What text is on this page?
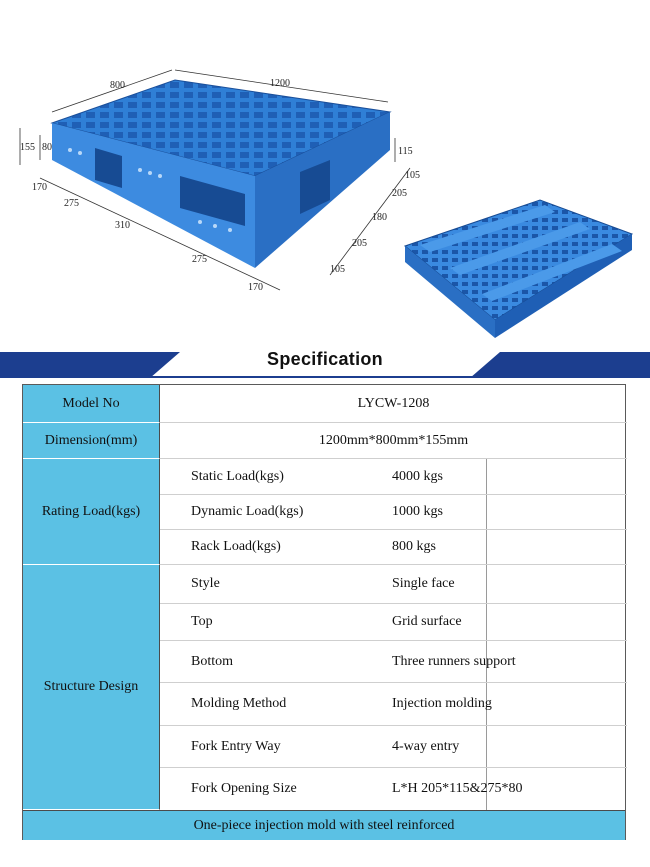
800	1200
155 80	115
170
275
310
275
170
105
205
180
205
105
Specification
Model No	LYCW-1208
Dimension(mm)	1200mm*800mm*155mm
Rating Load(kgs)
Static Load(kgs)	4000 kgs
Dynamic Load(kgs)	1000 kgs
Rack Load(kgs)	800 kgs
Structure Design
Style	Single face
Top	Grid surface
Bottom	Three runners support
Molding Method	Injection molding
Fork Entry Way	4-way entry
Fork Opening Size	L*H 205*115&275*80
One-piece injection mold with steel reinforced
